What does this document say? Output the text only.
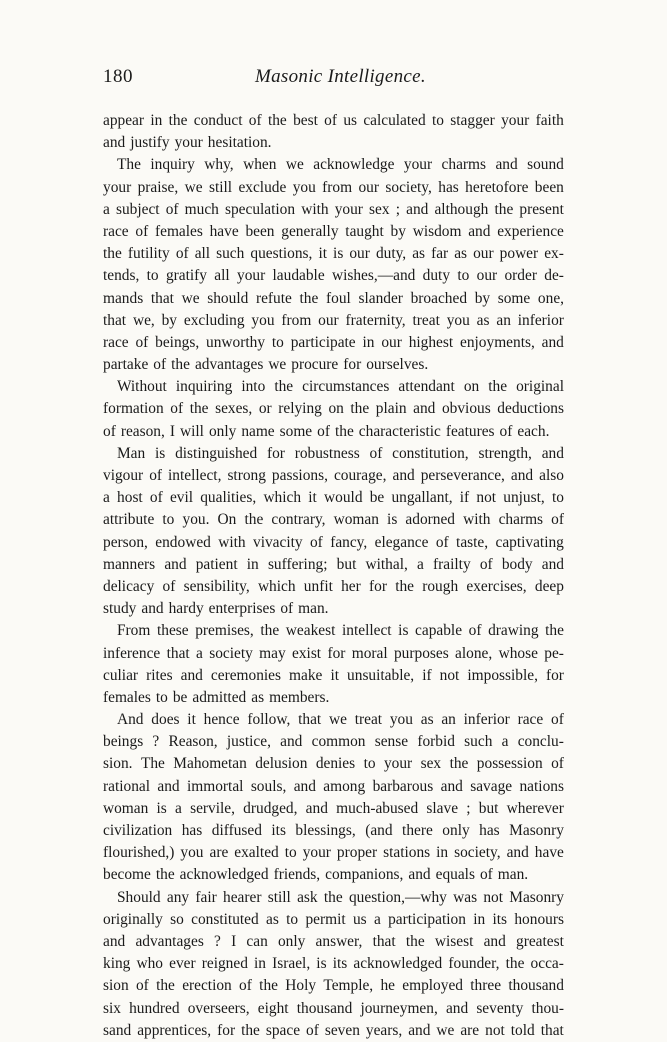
180	Masonic Intelligence.
appear in the conduct of the best of us calculated to stagger your faith
and justify your hesitation.
The inquiry why, when we acknowledge your charms and sound
your praise, we still exclude you from our society, has heretofore been
a subject of much speculation with your sex ; and although the present
race of females have been generally taught by wisdom and experience
the futility of all such questions, it is our duty, as far as our power ex-
tends, to gratify all your laudable wishes,—and duty to our order de-
mands that we should refute the foul slander broached by some one,
that we, by excluding you from our fraternity, treat you as an inferior
race of beings, unworthy to participate in our highest enjoyments, and
partake of the advantages we procure for ourselves.
Without inquiring into the circumstances attendant on the original
formation of the sexes, or relying on the plain and obvious deductions
of reason, I will only name some of the characteristic features of each.
Man is distinguished for robustness of constitution, strength, and
vigour of intellect, strong passions, courage, and perseverance, and also
a host of evil qualities, which it would be ungallant, if not unjust, to
attribute to you. On the contrary, woman is adorned with charms of
person, endowed with vivacity of fancy, elegance of taste, captivating
manners and patient in suffering; but withal, a frailty of body and
delicacy of sensibility, which unfit her for the rough exercises, deep
study and hardy enterprises of man.
From these premises, the weakest intellect is capable of drawing the
inference that a society may exist for moral purposes alone, whose pe-
culiar rites and ceremonies make it unsuitable, if not impossible, for
females to be admitted as members.
And does it hence follow, that we treat you as an inferior race of
beings ? Reason, justice, and common sense forbid such a conclu-
sion. The Mahometan delusion denies to your sex the possession of
rational and immortal souls, and among barbarous and savage nations
woman is a servile, drudged, and much-abused slave ; but wherever
civilization has diffused its blessings, (and there only has Masonry
flourished,) you are exalted to your proper stations in society, and have
become the acknowledged friends, companions, and equals of man.
Should any fair hearer still ask the question,—why was not Masonry
originally so constituted as to permit us a participation in its honours
and advantages ? I can only answer, that the wisest and greatest
king who ever reigned in Israel, is its acknowledged founder, the occa-
sion of the erection of the Holy Temple, he employed three thousand
six hundred overseers, eight thousand journeymen, and seventy thou-
sand apprentices, for the space of seven years, and we are not told that
